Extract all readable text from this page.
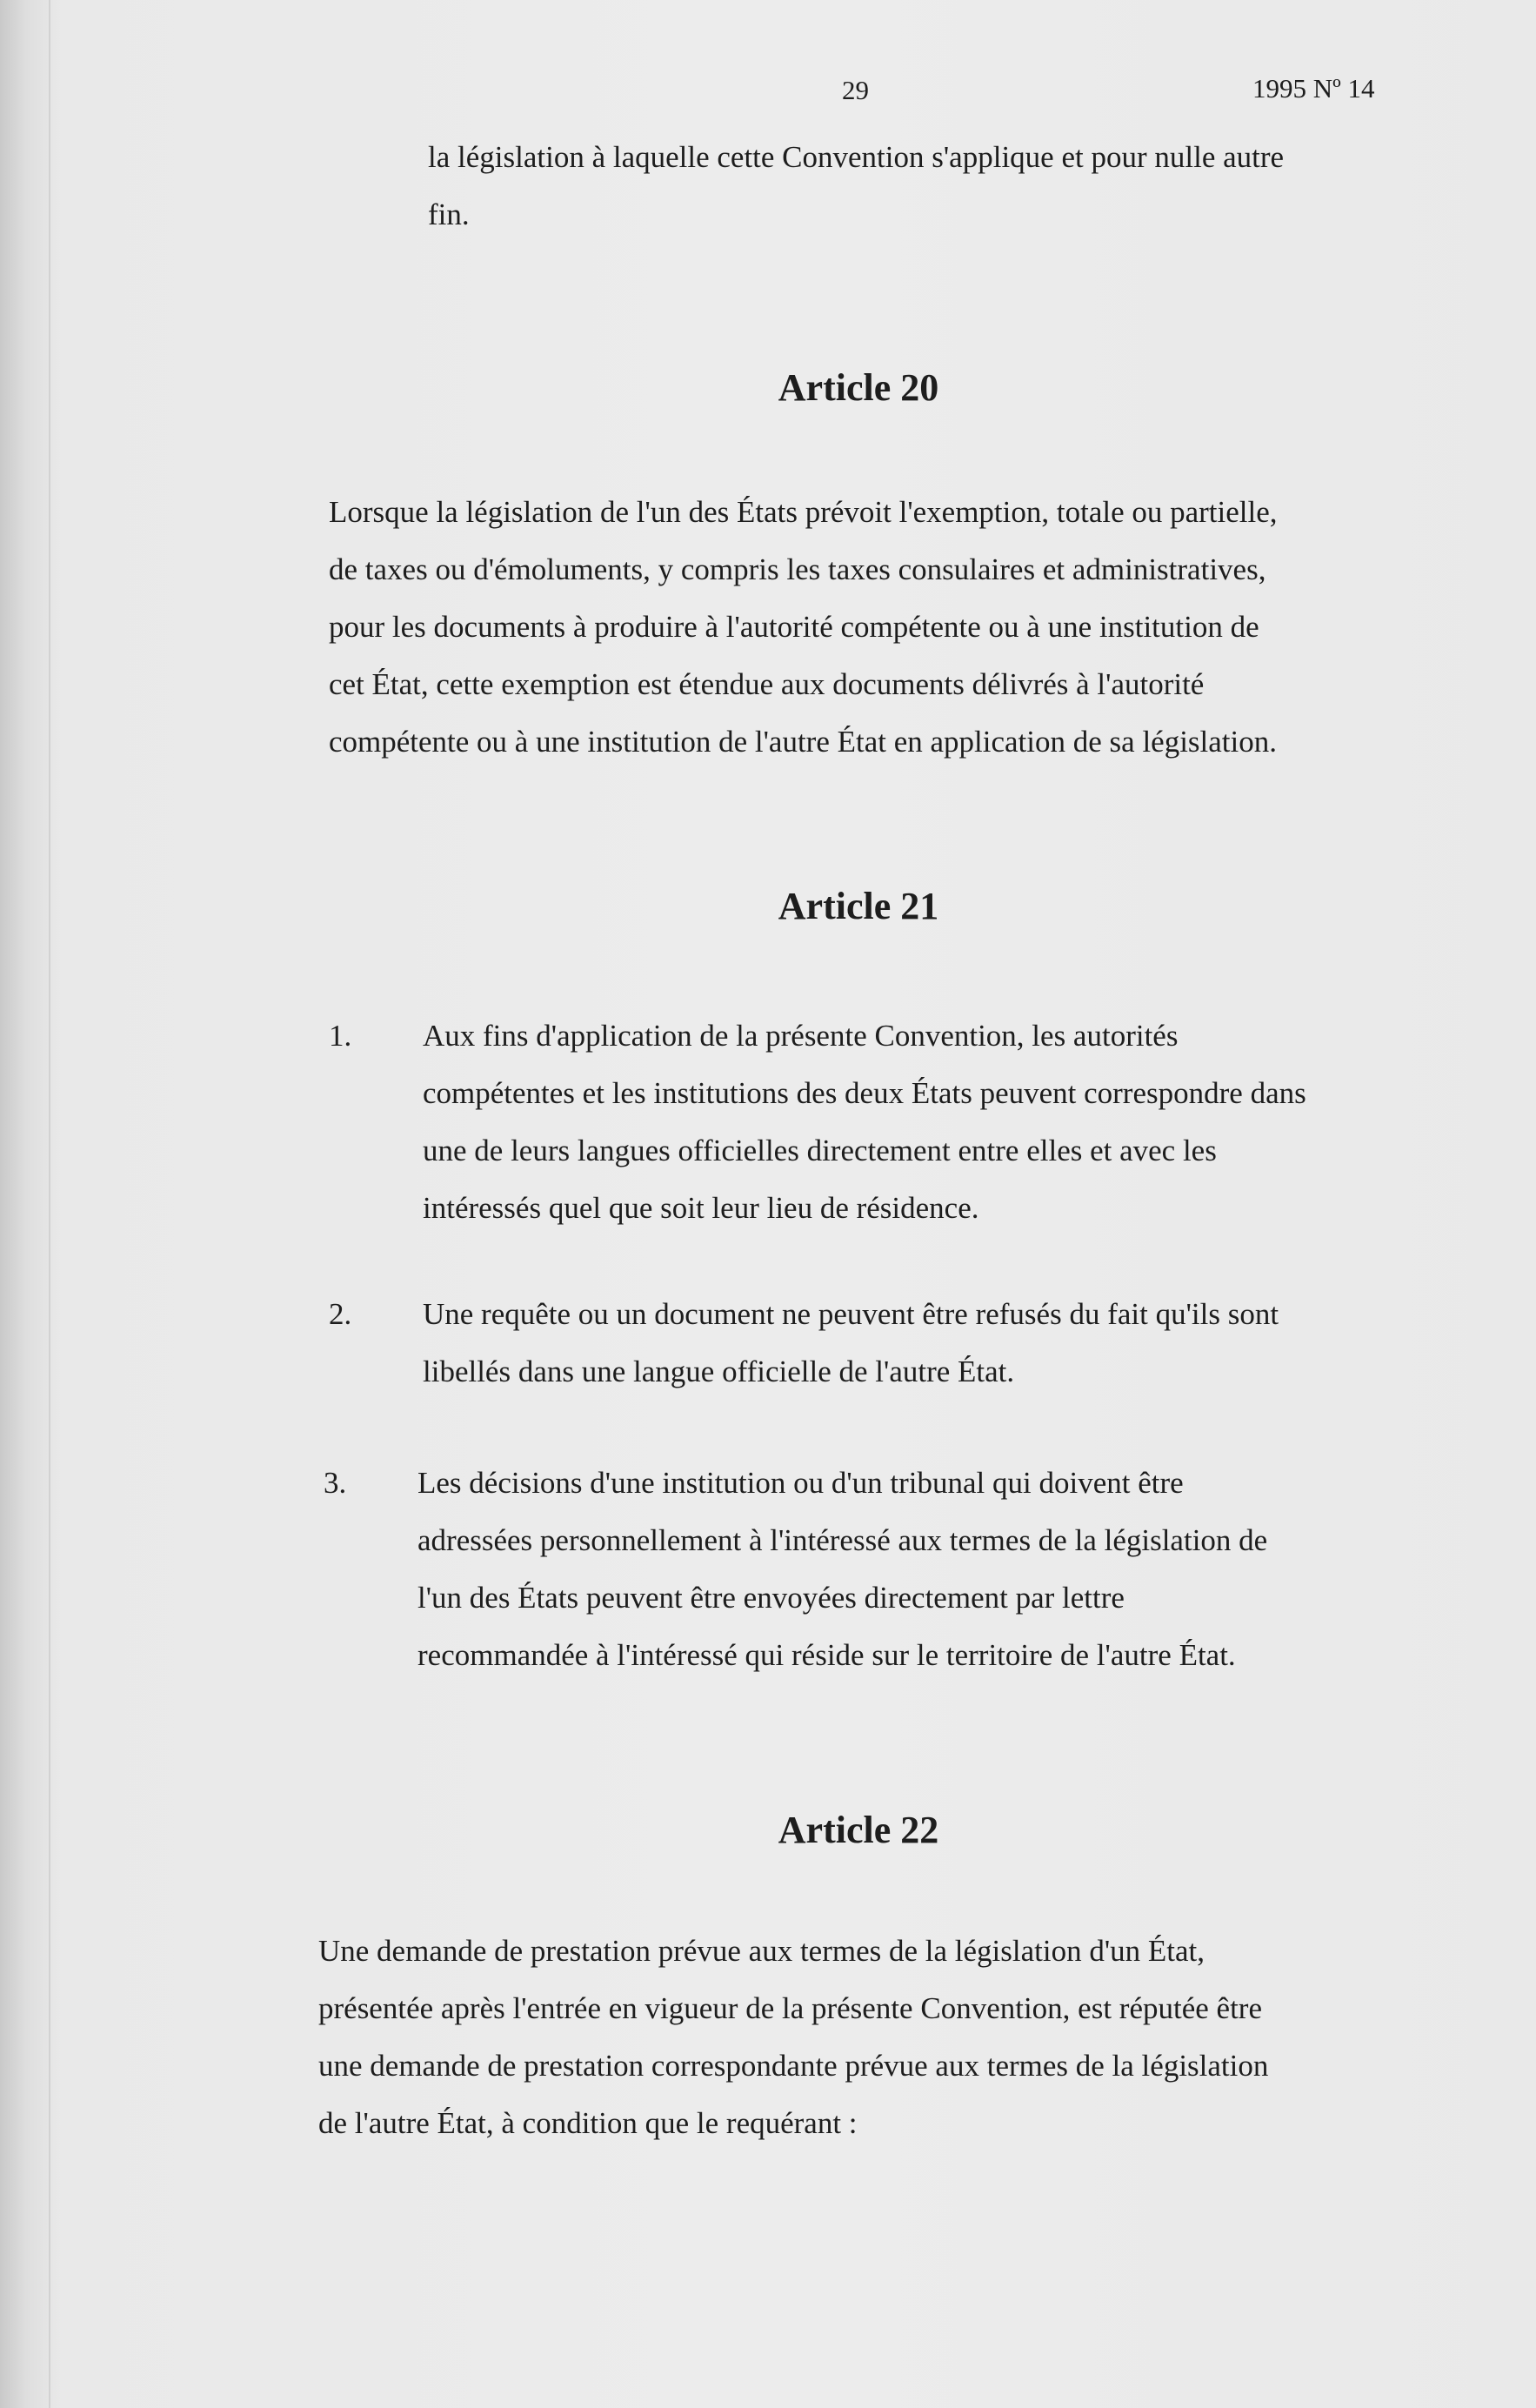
29	1995 Nº 14
la législation à laquelle cette Convention s'applique et pour nulle autre
fin.
Article 20
Lorsque la législation de l'un des États prévoit l'exemption, totale ou partielle,
de taxes ou d'émoluments, y compris les taxes consulaires et administratives,
pour les documents à produire à l'autorité compétente ou à une institution de
cet État, cette exemption est étendue aux documents délivrés à l'autorité
compétente ou à une institution de l'autre État en application de sa législation.
Article 21
1. Aux fins d'application de la présente Convention, les autorités
compétentes et les institutions des deux États peuvent correspondre dans
une de leurs langues officielles directement entre elles et avec les
intéressés quel que soit leur lieu de résidence.
2. Une requête ou un document ne peuvent être refusés du fait qu'ils sont
libellés dans une langue officielle de l'autre État.
3. Les décisions d'une institution ou d'un tribunal qui doivent être
adressées personnellement à l'intéressé aux termes de la législation de
l'un des États peuvent être envoyées directement par lettre
recommandée à l'intéressé qui réside sur le territoire de l'autre État.
Article 22
Une demande de prestation prévue aux termes de la législation d'un État,
présentée après l'entrée en vigueur de la présente Convention, est réputée être
une demande de prestation correspondante prévue aux termes de la législation
de l'autre État, à condition que le requérant :
